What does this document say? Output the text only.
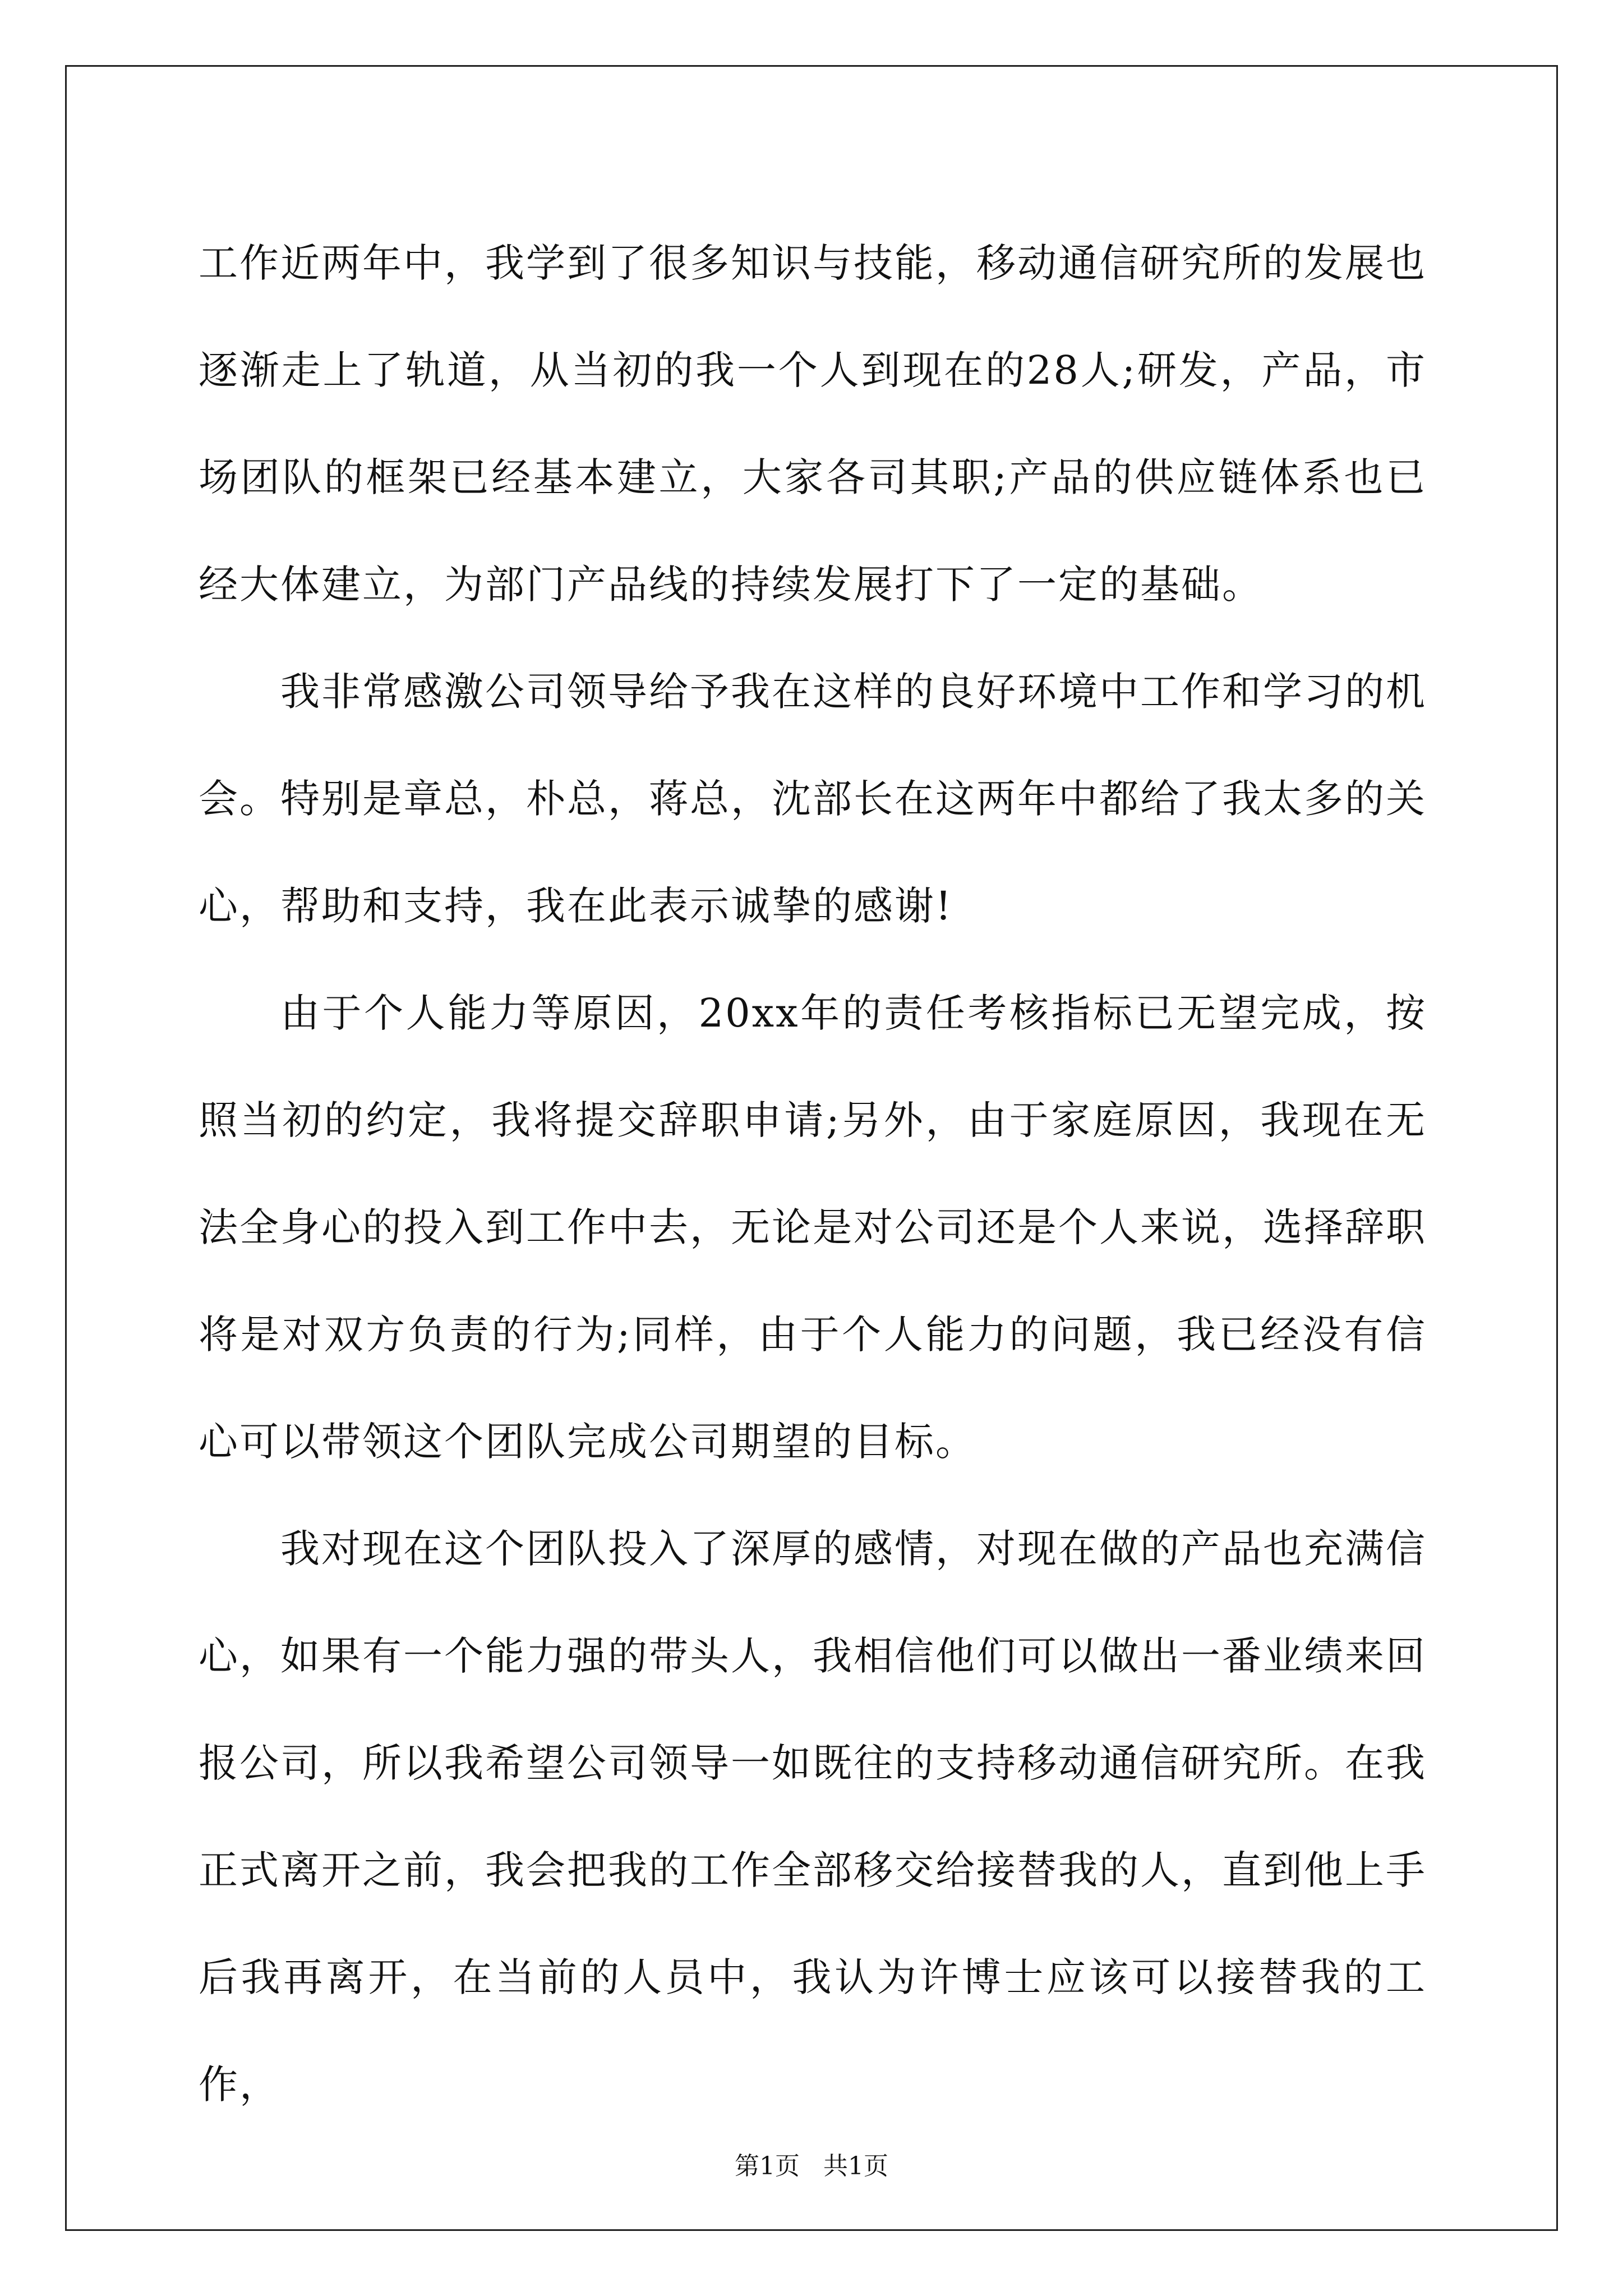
工作近两年中，我学到了很多知识与技能，移动通信研究所的发展也逐渐走上了轨道，从当初的我一个人到现在的28人;研发，产品，市场团队的框架已经基本建立，大家各司其职;产品的供应链体系也已经大体建立，为部门产品线的持续发展打下了一定的基础。

我非常感激公司领导给予我在这样的良好环境中工作和学习的机会。特别是章总，朴总，蒋总，沈部长在这两年中都给了我太多的关心，帮助和支持，我在此表示诚挚的感谢!

由于个人能力等原因，20xx年的责任考核指标已无望完成，按照当初的约定，我将提交辞职申请;另外，由于家庭原因，我现在无法全身心的投入到工作中去，无论是对公司还是个人来说，选择辞职将是对双方负责的行为;同样，由于个人能力的问题，我已经没有信心可以带领这个团队完成公司期望的目标。

我对现在这个团队投入了深厚的感情，对现在做的产品也充满信心，如果有一个能力强的带头人，我相信他们可以做出一番业绩来回报公司，所以我希望公司领导一如既往的支持移动通信研究所。在我正式离开之前，我会把我的工作全部移交给接替我的人，直到他上手后我再离开，在当前的人员中，我认为许博士应该可以接替我的工作，

第1页   共1页
